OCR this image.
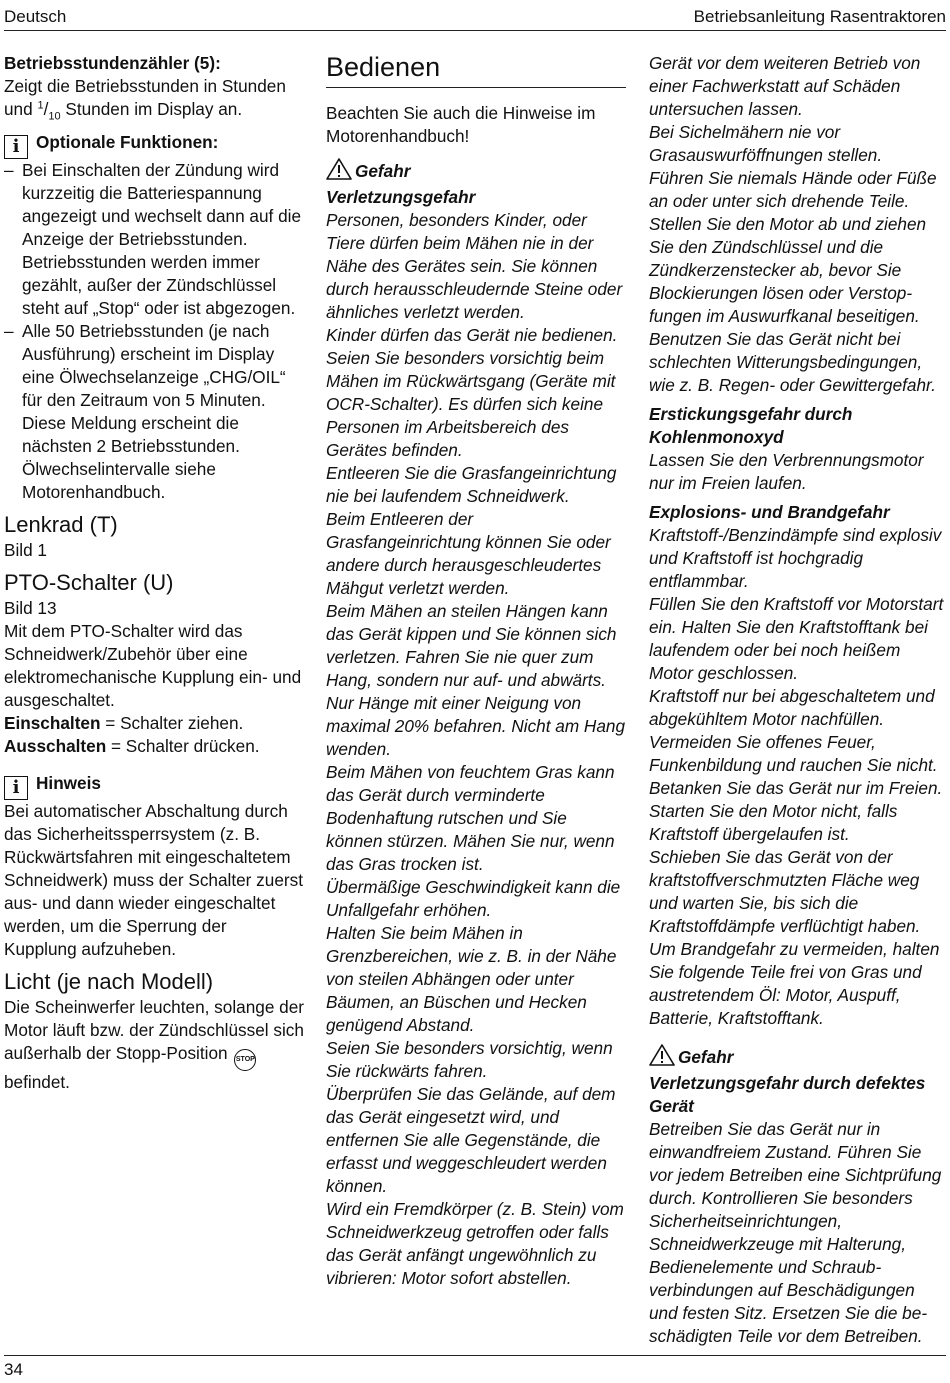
Deutsch	Betriebsanleitung Rasentraktoren

Betriebsstundenzähler (5):

Zeigt die Betriebsstunden in Stunden

und $^1/_{10}$ Stunden im Display an.

i Optionale Funktionen:

– Bei Einschalten der Zündung wird kurzzeitig die Batteriespannung angezeigt und wechselt dann auf die Anzeige der Betriebsstunden. Betriebsstunden werden immer gezählt, außer der Zündschlüssel steht auf „Stop“ oder ist abgezogen.
– Alle 50 Betriebsstunden (je nach Ausführung) erscheint im Display eine Ölwechselanzeige „CHG/OIL“ für den Zeitraum von 5 Minuten. Diese Meldung erscheint die nächsten 2 Betriebsstunden. Ölwechselintervalle siehe Motorenhandbuch.
Lenkrad (T)

Bild 1

PTO-Schalter (U)

Bild 13

Mit dem PTO-Schalter wird das Schneidwerk/Zubehör über eine elektromechanische Kupplung ein- und ausgeschaltet.

Einschalten = Schalter ziehen.

Ausschalten = Schalter drücken.

i Hinweis

Bei automatischer Abschaltung durch das Sicherheitssperrsystem (z. B. Rückwärtsfahren mit eingeschaltetem Schneidwerk) muss der Schalter zuerst aus- und dann wieder eingeschaltet werden, um die Sperrung der Kupplung aufzuheben.

Licht (je nach Modell)

Die Scheinwerfer leuchten, solange der Motor läuft bzw. der Zündschlüssel sich außerhalb der Stopp-Position STOP befindet.

Bedienen

Beachten Sie auch die Hinweise im Motorenhandbuch!

Gefahr

Verletzungsgefahr

Personen, besonders Kinder, oder Tiere dürfen beim Mähen nie in der Nähe des Gerätes sein. Sie können durch herausschleudernde Steine oder ähnliches verletzt werden.

Kinder dürfen das Gerät nie bedienen.

Seien Sie besonders vorsichtig beim Mähen im Rückwärtsgang (Geräte mit OCR-Schalter). Es dürfen sich keine Personen im Arbeitsbereich des Gerätes befinden.

Entleeren Sie die Grasfangeinrichtung nie bei laufendem Schneidwerk.

Beim Entleeren der Grasfangeinrichtung können Sie oder andere durch herausgeschleudertes Mähgut verletzt werden.

Beim Mähen an steilen Hängen kann das Gerät kippen und Sie können sich verletzen. Fahren Sie nie quer zum Hang, sondern nur auf- und abwärts. Nur Hänge mit einer Neigung von maximal 20% befahren. Nicht am Hang wenden.

Beim Mähen von feuchtem Gras kann das Gerät durch verminderte Bodenhaftung rutschen und Sie können stürzen. Mähen Sie nur, wenn das Gras trocken ist.

Übermäßige Geschwindigkeit kann die Unfallgefahr erhöhen.

Halten Sie beim Mähen in Grenzbereichen, wie z. B. in der Nähe von steilen Abhängen oder unter Bäumen, an Büschen und Hecken genügend Abstand.

Seien Sie besonders vorsichtig, wenn Sie rückwärts fahren.

Überprüfen Sie das Gelände, auf dem das Gerät eingesetzt wird, und entfernen Sie alle Gegenstände, die erfasst und weggeschleudert werden können.

Wird ein Fremdkörper (z. B. Stein) vom Schneidwerkzeug getroffen oder falls das Gerät anfängt ungewöhnlich zu vibrieren: Motor sofort abstellen.

Gerät vor dem weiteren Betrieb von einer Fachwerkstatt auf Schäden untersuchen lassen.

Bei Sichelmähern nie vor Grasauswurföffnungen stellen.

Führen Sie niemals Hände oder Füße an oder unter sich drehende Teile.

Stellen Sie den Motor ab und ziehen Sie den Zündschlüssel und die Zündkerzenstecker ab, bevor Sie Blockierungen lösen oder Verstopfungen im Auswurfkanal beseitigen.

Benutzen Sie das Gerät nicht bei schlechten Witterungsbedingungen, wie z. B. Regen- oder Gewittergefahr.

Erstickungsgefahr durch Kohlenmonoxyd

Lassen Sie den Verbrennungsmotor nur im Freien laufen.

Explosions- und Brandgefahr

Kraftstoff-/Benzindämpfe sind explosiv und Kraftstoff ist hochgradig entflammbar.

Füllen Sie den Kraftstoff vor Motorstart ein. Halten Sie den Kraftstofftank bei laufendem oder bei noch heißem Motor geschlossen.

Kraftstoff nur bei abgeschaltetem und abgekühltem Motor nachfüllen.

Vermeiden Sie offenes Feuer, Funkenbildung und rauchen Sie nicht.

Betanken Sie das Gerät nur im Freien.

Starten Sie den Motor nicht, falls Kraftstoff übergelaufen ist.

Schieben Sie das Gerät von der kraftstoffverschmutzten Fläche weg und warten Sie, bis sich die Kraftstoffdämpfe verflüchtigt haben.

Um Brandgefahr zu vermeiden, halten Sie folgende Teile frei von Gras und austretendem Öl: Motor, Auspuff, Batterie, Kraftstofftank.

Gefahr

Verletzungsgefahr durch defektes Gerät

Betreiben Sie das Gerät nur in einwandfreiem Zustand. Führen Sie vor jedem Betreiben eine Sichtprüfung durch. Kontrollieren Sie besonders Sicherheitseinrichtungen, Schneidwerkzeuge mit Halterung, Bedienelemente und Schraubverbindungen auf Beschädigungen und festen Sitz. Ersetzen Sie die beschädigten Teile vor dem Betreiben.

34
